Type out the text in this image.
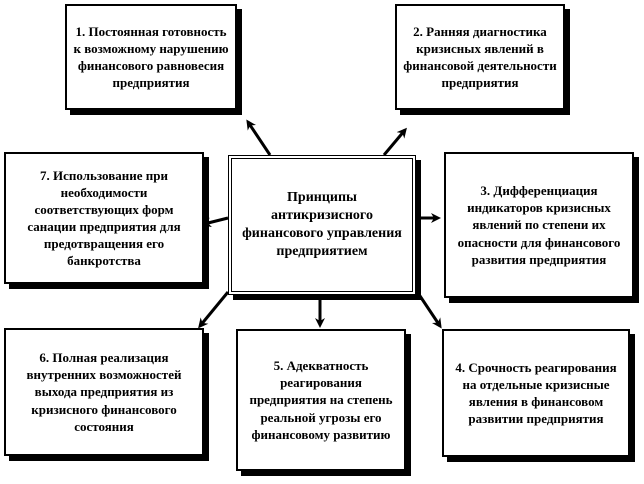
1. Постоянная готовность к возможному нарушению финансового равновесия предприятия
2. Ранняя диагностика кризисных явлений в финансовой деятельности предприятия
7. Использование при необходимости соответствующих форм санации предприятия для предотвращения его банкротства
Принципы антикризисного финансового управления предприятием
3. Дифференциация индикаторов кризисных явлений по степени их опасности для финансового развития предприятия
6. Полная реализация внутренних возможностей выхода предприятия из кризисного финансового состояния
5. Адекватность реагирования предприятия на степень реальной угрозы его финансовому развитию
4. Срочность реагирования на отдельные кризисные явления в финансовом развитии предприятия
